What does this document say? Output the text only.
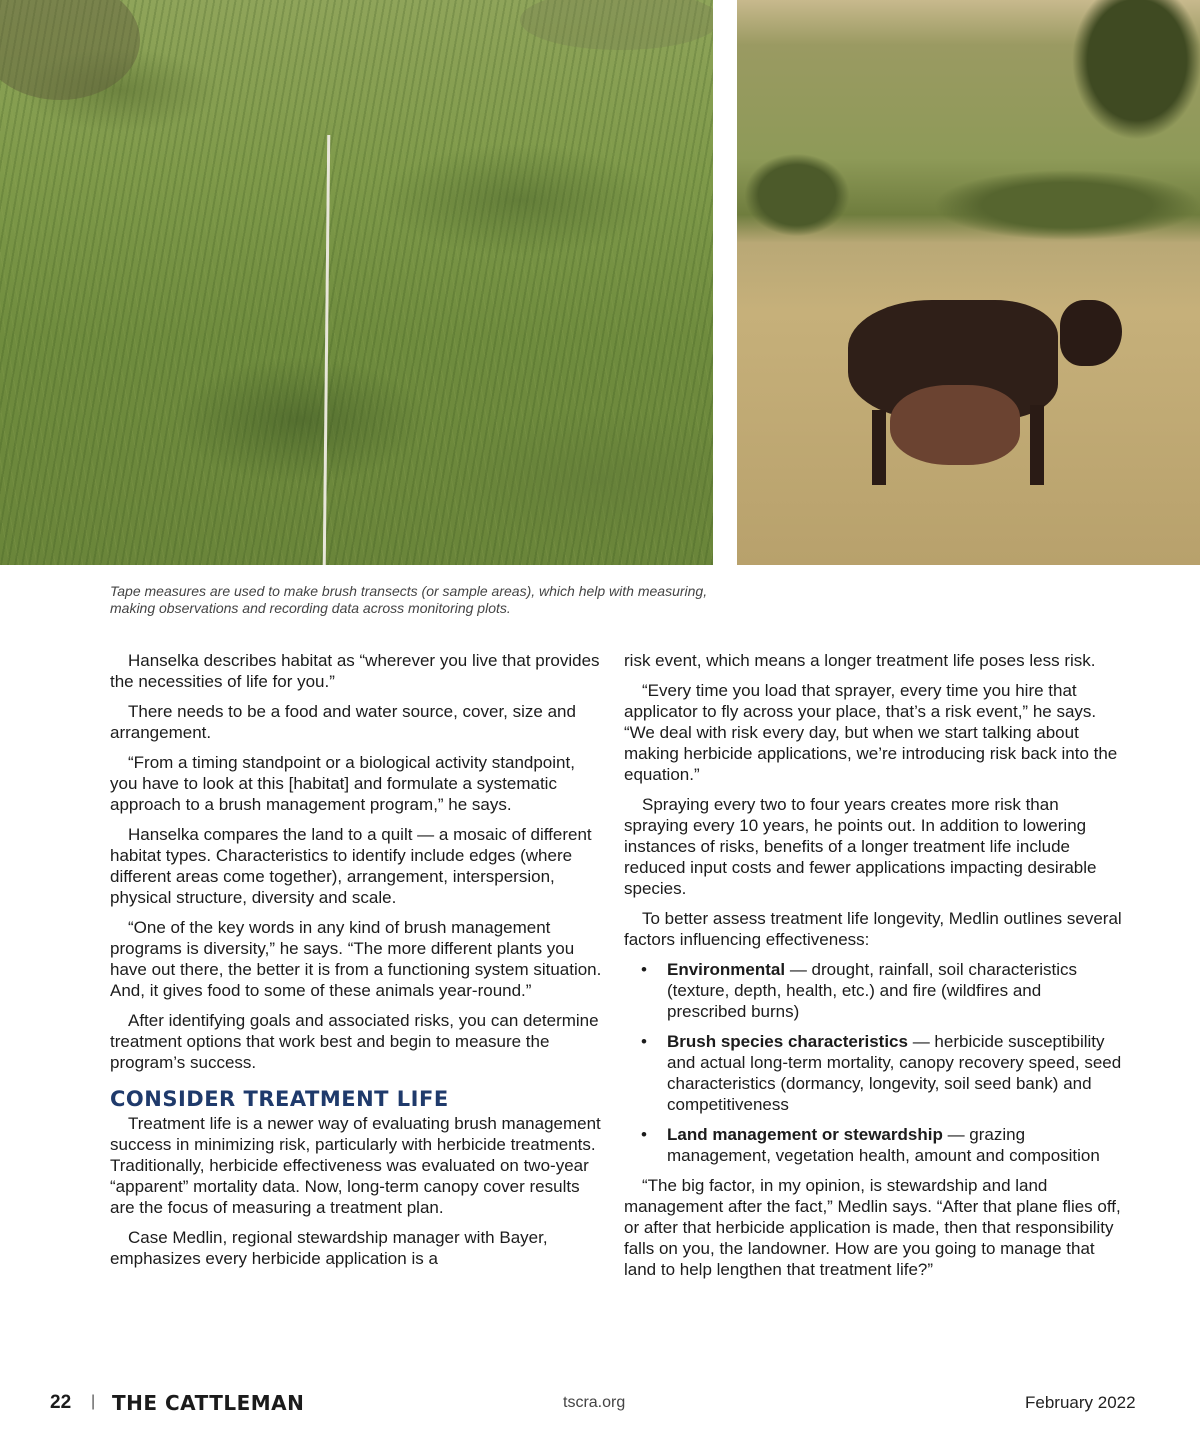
Tape measures are used to make brush transects (or sample areas), which help with measuring, making observations and recording data across monitoring plots.

Hanselka describes habitat as “wherever you live that provides the necessities of life for you.”

There needs to be a food and water source, cover, size and arrangement.

“From a timing standpoint or a biological activity standpoint, you have to look at this [habitat] and formulate a systematic approach to a brush management program,” he says.

Hanselka compares the land to a quilt — a mosaic of different habitat types. Characteristics to identify include edges (where different areas come together), arrangement, interspersion, physical structure, diversity and scale.

“One of the key words in any kind of brush management programs is diversity,” he says. “The more different plants you have out there, the better it is from a functioning system situation. And, it gives food to some of these animals year-round.”

After identifying goals and associated risks, you can determine treatment options that work best and begin to measure the program’s success.

CONSIDER TREATMENT LIFE

Treatment life is a newer way of evaluating brush management success in minimizing risk, particularly with herbicide treatments. Traditionally, herbicide effectiveness was evaluated on two-year “apparent” mortality data. Now, long-term canopy cover results are the focus of measuring a treatment plan.

Case Medlin, regional stewardship manager with Bayer, emphasizes every herbicide application is a

risk event, which means a longer treatment life poses less risk.

“Every time you load that sprayer, every time you hire that applicator to fly across your place, that’s a risk event,” he says. “We deal with risk every day, but when we start talking about making herbicide applications, we’re introducing risk back into the equation.”

Spraying every two to four years creates more risk than spraying every 10 years, he points out. In addition to lowering instances of risks, benefits of a longer treatment life include reduced input costs and fewer applications impacting desirable species.

To better assess treatment life longevity, Medlin outlines several factors influencing effectiveness:

• Environmental — drought, rainfall, soil characteristics (texture, depth, health, etc.) and fire (wildfires and prescribed burns)
• Brush species characteristics — herbicide susceptibility and actual long-term mortality, canopy recovery speed, seed characteristics (dormancy, longevity, soil seed bank) and competitiveness
• Land management or stewardship — grazing management, vegetation health, amount and composition

“The big factor, in my opinion, is stewardship and land management after the fact,” Medlin says. “After that plane flies off, or after that herbicide application is made, then that responsibility falls on you, the landowner. How are you going to manage that land to help lengthen that treatment life?”

22 | THE CATTLEMAN	tscra.org	February 2022
